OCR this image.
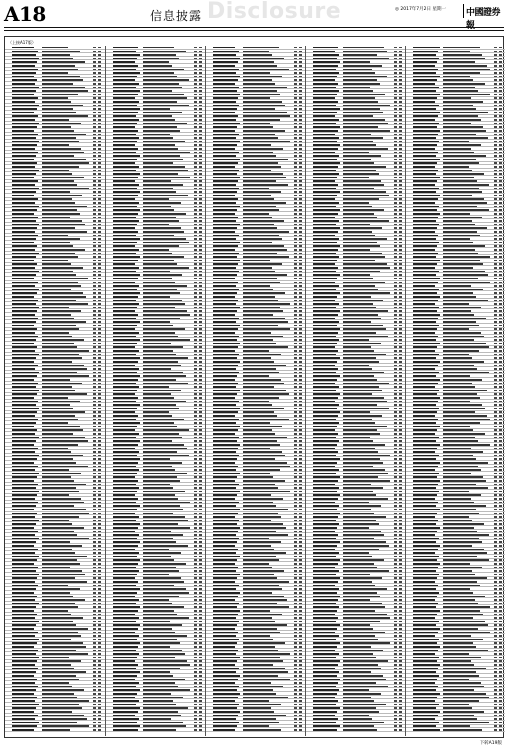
A18	Disclosure
信息披露	◎ 2017年7月2日 星期一 中國證券報
（上接A17版）
下转A19版
